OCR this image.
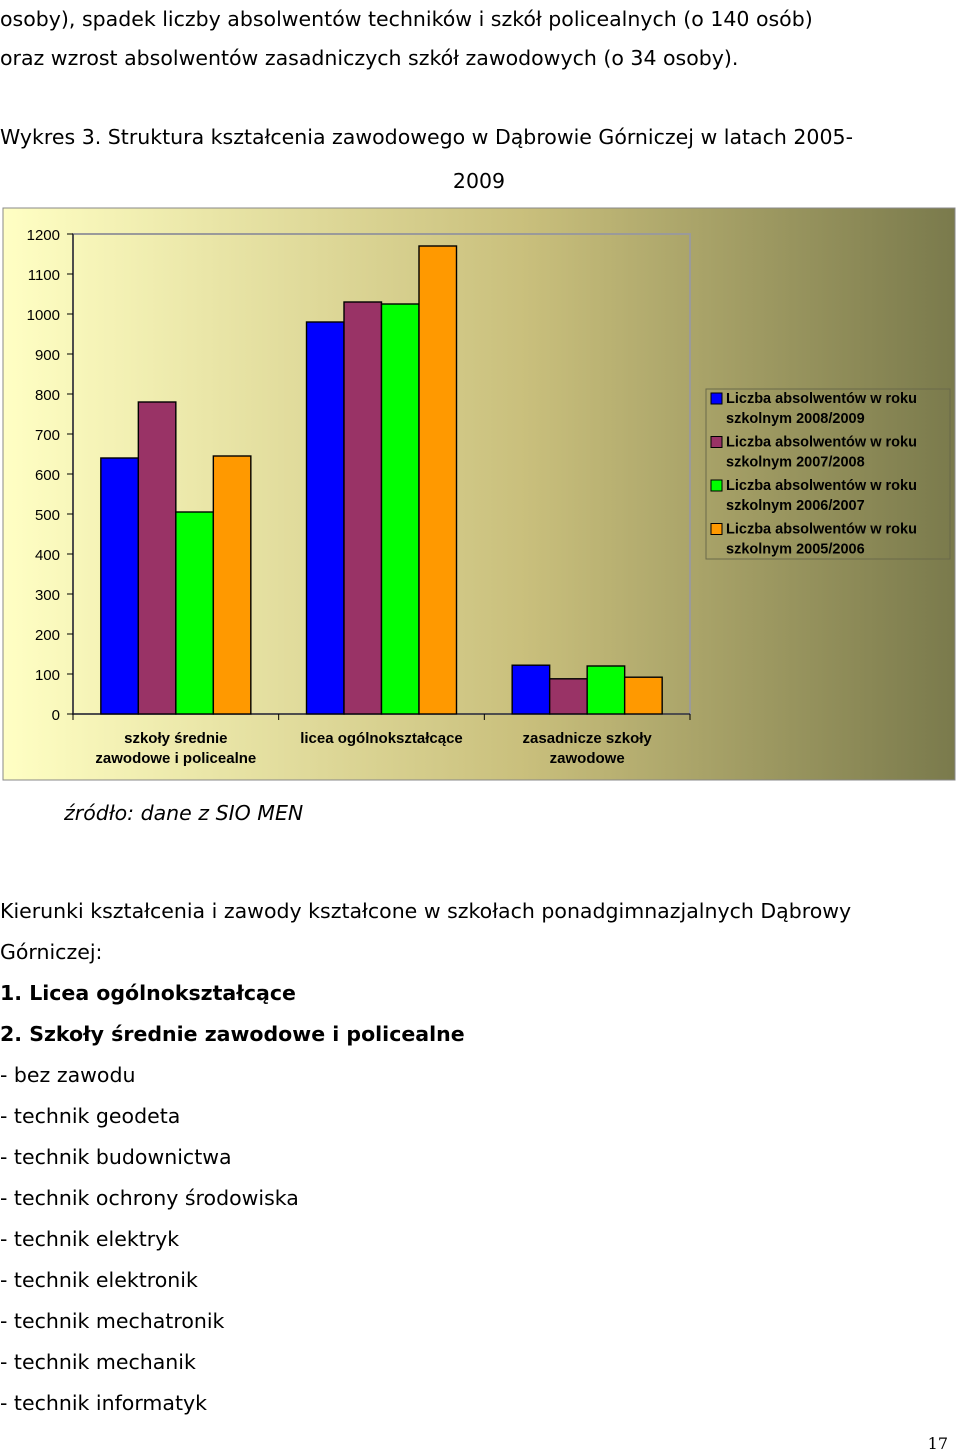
osoby), spadek liczby absolwentów techników i szkół policealnych (o 140 osób)
oraz wzrost absolwentów zasadniczych szkół zawodowych (o 34 osoby).
Wykres 3. Struktura kształcenia zawodowego w Dąbrowie Górniczej w latach 2005-
2009
0
100
200
300
400
500
600
700
800
900
1000
1100
1200
szkoły średnie
zawodowe i policealne
licea ogólnokształcące	zasadnicze szkoły
zawodowe
Liczba absolwentów w roku
szkolnym 2008/2009
Liczba absolwentów w roku
szkolnym 2007/2008
Liczba absolwentów w roku
szkolnym 2006/2007
Liczba absolwentów w roku
szkolnym 2005/2006
źródło: dane z SIO MEN
Kierunki kształcenia i zawody kształcone w szkołach ponadgimnazjalnych Dąbrowy
Górniczej:
1. Licea ogólnokształcące
2. Szkoły średnie zawodowe i policealne
- bez zawodu
- technik geodeta
- technik budownictwa
- technik ochrony środowiska
- technik elektryk
- technik elektronik
- technik mechatronik
- technik mechanik
- technik informatyk
17
